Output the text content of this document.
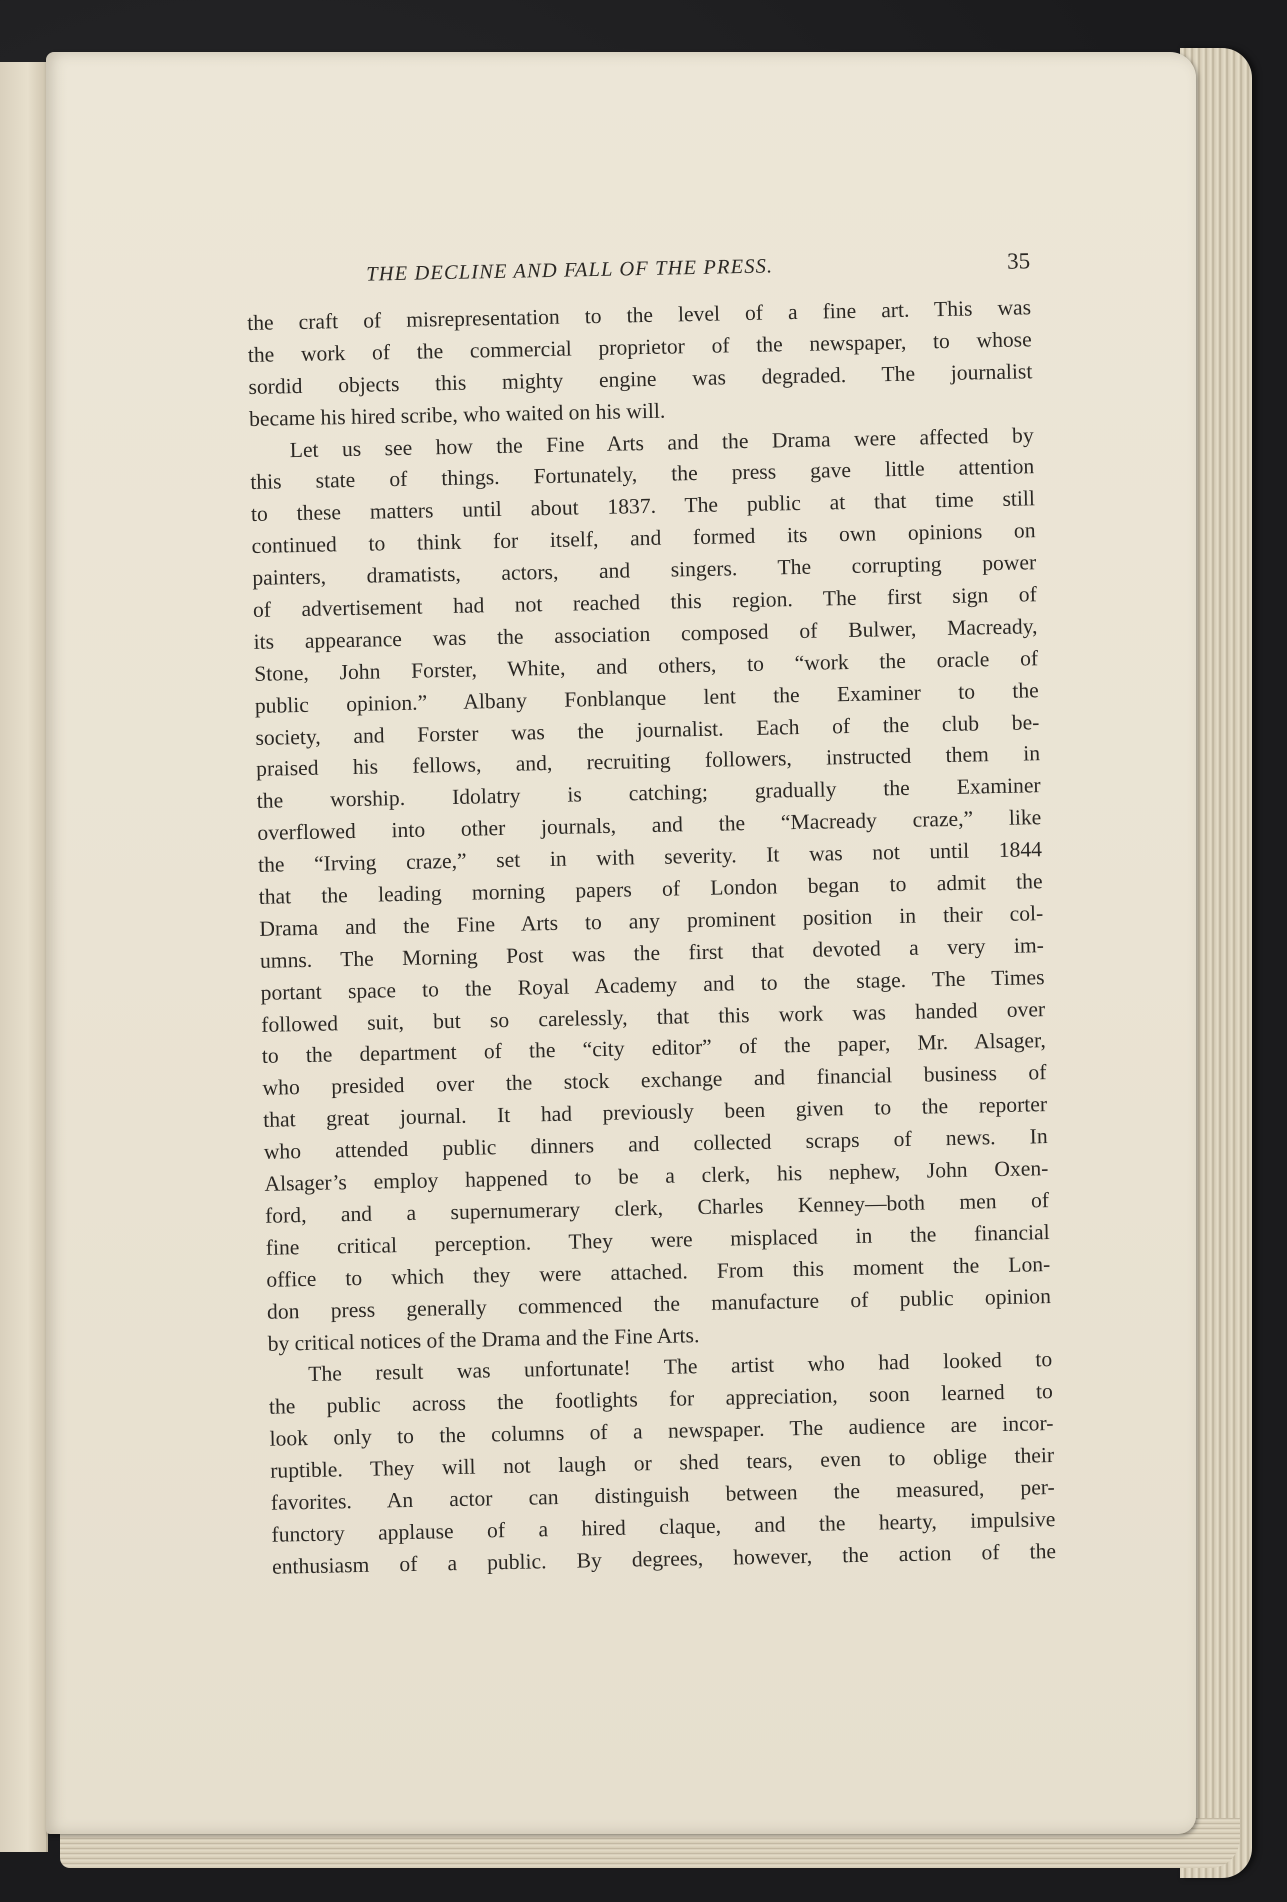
THE DECLINE AND FALL OF THE PRESS.	35
the craft of misrepresentation to the level of a fine art. This was
the work of the commercial proprietor of the newspaper, to whose
sordid objects this mighty engine was degraded. The journalist
became his hired scribe, who waited on his will.
Let us see how the Fine Arts and the Drama were affected by
this state of things. Fortunately, the press gave little attention
to these matters until about 1837. The public at that time still
continued to think for itself, and formed its own opinions on
painters, dramatists, actors, and singers. The corrupting power
of advertisement had not reached this region. The first sign of
its appearance was the association composed of Bulwer, Macready,
Stone, John Forster, White, and others, to “work the oracle of
public opinion.” Albany Fonblanque lent the Examiner to the
society, and Forster was the journalist. Each of the club be-
praised his fellows, and, recruiting followers, instructed them in
the worship. Idolatry is catching; gradually the Examiner
overflowed into other journals, and the “Macready craze,” like
the “Irving craze,” set in with severity. It was not until 1844
that the leading morning papers of London began to admit the
Drama and the Fine Arts to any prominent position in their col-
umns. The Morning Post was the first that devoted a very im-
portant space to the Royal Academy and to the stage. The Times
followed suit, but so carelessly, that this work was handed over
to the department of the “city editor” of the paper, Mr. Alsager,
who presided over the stock exchange and financial business of
that great journal. It had previously been given to the reporter
who attended public dinners and collected scraps of news. In
Alsager’s employ happened to be a clerk, his nephew, John Oxen-
ford, and a supernumerary clerk, Charles Kenney—both men of
fine critical perception. They were misplaced in the financial
office to which they were attached. From this moment the Lon-
don press generally commenced the manufacture of public opinion
by critical notices of the Drama and the Fine Arts.
The result was unfortunate! The artist who had looked to
the public across the footlights for appreciation, soon learned to
look only to the columns of a newspaper. The audience are incor-
ruptible. They will not laugh or shed tears, even to oblige their
favorites. An actor can distinguish between the measured, per-
functory applause of a hired claque, and the hearty, impulsive
enthusiasm of a public. By degrees, however, the action of the
